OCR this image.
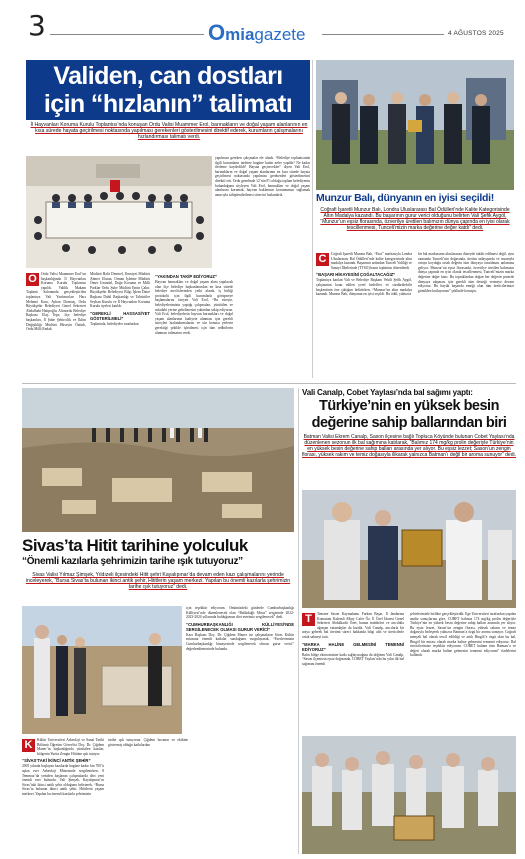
3	Omiagazete	4 AĞUSTOS 2025
Validen, can dostları
için “hızlanın” talimatı
İl Hayvanları Koruma Kurulu Toplantısı’nda konuşan Ordu Valisi Muammer Erol, barınakların ve doğal yaşam alanlarının en kısa sürede hayata geçirilmesi noktasında yapılması gerekenleri gösterilmesini direktif ederek, kurumların çalışmalarını hızlandırması talimatı verdi.
O	Ordu Valisi Muammer Erol’un başkanlığında İl Hayvanları Koruma Kurulu Toplantısı yapıldı. Valilik Makam Toplantı Salonunda gerçekleştirilen toplantıya Vali Yardımcıları Hacı Mehmet Kara, Ayhan Durmuş, Ordu Büyükşehir Belediyesi Genel Sekreteri Abdulbaki Hatipoğlu, Altınordu Belediye Başkanı Ulaş Tepe, ilçe belediye başkanları, İl Şube Şehircilik ve İklim Değişikliği Müdürü Hüseyin Öztürk, Ordu Milli Emlak

Müdürü Halit Demirel, Emniyet Müdürü Ahmet Ulutan, Orman İşletme Müdürü Ömer Uzundal, Doğa Koruma ve Milli Parklar Ordu Şube Müdürü Emin Çakır, Büyükşehir Belediyesi Bilgi İşlem Daire Başkanı Dahil Başkanlığı ve Tahrirtiler Seyhan Kurulu ve İl Hayvanları Koruma Kurulu üyeleri katıldı.

“GEREKLİ HASSASİYET GÖSTERİLMELİ”

Toplantıda, belediyeler tarafından

yapılması gereken çalışmalar ele alındı. “Belediye toplantısında ilgili kurumların tarihine bugüne kadar neler yapıldı? Ne kadar ilerleme kaydedildi? Hayata geçirecekler” diyen Vali Erol, barınakların ve doğal yaşam alanlarının en kısa sürede hayata geçirilmesi noktasında yapılması gerekenleri gösterilmesini direktif etti. Ordu genelinde 12’nin 8’i olduğu toplam belediyenin bulunduğunu söyleyen Vali Erol, barınakları ve doğal yaşam alanlarını korumak, hayvan haklarının korunmasını sağlamak amacıyla sahiplendirilmesi sürecini hızlandırdı.

“YAKINDAN TAKİP EDİYORUZ”

Hayvan barınakları ve doğal yaşam alanı yapılacak olan ilçe belediye başkanlarından en kısa sürede belediye meclislerinden yetki alarak, iş birliği protokolü için ilgili kurumlarla görüşmeye başlamalarını isteyen Vali Erol, “Bu süreçte, belediyelerimizin yaptığı çalışmaları, yürütülen ve askıdaki yerine getirilmesini yakından takip ediyoruz. Vali Erol, belediyelerin hayvan barınakları ve doğal yaşam alanlarının faaliyete alınması için gerekli süreçleri hızlandırmalarını ve söz konusu yerlerin gerektiği şekilde işletilmesi için tüm tedbirlerin alınması talimatını verdi.

Munzur Balı, dünyanın en iyisi seçildi!
Coğrafi İşaretli Munzur Balı, Londra Uluslararası Bal Ödülleri’nde Kalite Kategorisinde Altın Madalya kazandı. Bu başarının gurur verici olduğunu belirten Vali Şefik Aygöl, “Munzur’un eşsiz florasında, özverilye üretilen balımızın dünya çapında en iyisi olarak tescillenmesi, Tunceli’mizin marka değerine değer katdı” dedi.
C	Coğrafi İşaretli Munzur Balı, “Esor” markasıyla Londra Uluslararası Bal Ödülleri’nde kalite kategorisinde altın madalya kazandı. Başarının ardından Tunceli Valiliği ve Sanayi İlkelerinde (TTSO) basın toplantısı düzenlendi.

“BAŞARI HİKAYESİNİ ÇOĞALTACAĞIZ”

Toplantıya katılan Vali ve Belediye Başkanı Vekili Şefik Aygöl, çalışmanın konu edilen yerel hedefleri ve sürdürülebilir başkentinin öne çıktığını belirtirken, “Munzur’un altın madalya kazandı. Munzur Balı, dünyanın en iyisi seçildi. Bu ödül, yalnızca

bir bal markasının uluslararası düzeyde takdir edilmesi değil, aynı zamanda Tunceli’nin doğasında, üretim anlayışında ve insanıyla ortaya koyduğu ortak değerin tüm dünyaya tanıtılması anlamına geliyor. Munzur’un eşsiz florasında, özverilye üretilen balımızın dünya çapında en iyisi olarak tescillenmesi, Tunceli’mizin marka değerine değer kattı. Bu topraklardan doğan her değerin şenerde dünyaya ulaşması için gerekli tüm desteği vermeye devam ediyoruz. Bu büyük başarıda emeği olan tüm üreticilerimizi gönülden kutluyorum” şeklinde konuştu.

Sivas’ta Hitit tarihine yolculuk
“Önemli kazılarla şehrimizin tarihe ışık tutuyoruz”
Sivas Valisi Yılmaz Şimşek, Yıldızeli ilçesindeki Hitit şehri Kayalıpınar’da devam eden kazı çalışmalarını yerinde inceleyerek, “Bursa Sivas’ta bulunan ikinci antik şehir, Hititlerin yaşam merkezi. Yapılan bu önemli kazılarla şehrimizin tarihe ışık tutuyoruz” dedi.
K	Kültür Üniversitesi Arkeoloji ve Sanat Tarihi Bölümü Öğretim Görevlisi Doç. Dr. Çiğdem Maner’in başkanlığında yürütülen kazılar, bölgenin Yurtta Zengin Hititine ışık tutuyor.

“SİVAS’TAKİ İKİNCİ ANTİK ŞEHİR”

2005 yılında başlayan kazılarda bugüne kadar bin 700’ü aşkın eser Arkeoloji Müzesinde sergilenirken, 8 Temmuz’da yeniden başlanan çalışmalarda dört yeni önemli eser bulundu. Vali Şimşek, Kayalıpınar’ın Sivas’taki ikinci antik şehir olduğunu belirterek, “Bursa Sivas’ta bulunan ikinci antik şehir. Hititlerin yaşam merkezi. Yapılan bu önemli kazılarla şehrimizin

tarihe ışık tutuyoruz. Çiğdem hocanın ve ekibine göstermiş olduğu katkılardan

için teşekkür ediyorum. Önümüzdeki günlerde Cumhurbaşkanlığı Külliyesi’nde düzenlenecek olan “Balıkdağlı Miras” sergisinde 2022-2023-2024 yıllarında bulduğumuz dört eserimiz sergilenecek” dedi.

“CUMHURBAŞKANLIĞI KÜLLİYESİ’NDE SERGİLENECEK OLMASI GURUR VERİCİ”

Kazı Başkanı Doç. Dr. Çiğdem Maner ise çalışmaların Sivas Kültür mirasına önemli katkılar sunduğunu vurgulayarak, “Eserlerimizin Cumhurbaşkanlığı himayesinde sergilenecek olması gurur verici” değerlendirmesinde bulundu.

Vali Canalp, Cobet Yaylası’nda bal sağımı yaptı:
Türkiye’nin en yüksek besin
değerine sahip ballarından biri
Batman Valisi Ekrem Canalp, Sason ilçesine bağlı Topluca Köyünde bulunan Cobet Yaylası’nda düzenlenen sezonun ilk bal sağımına katılarak, “Balımız 174 mg/kg prolin değeriyle Türkiye’nin en yüksek besin değerine sahip balları arasında yer alıyor. Bu eşsiz lezzet; Sason’un zengin florası, yüksek rakım ve temiz doğasıyla ilikarak yalnızca Batman’ı değil bir aroma sunuyor” dedi.
T	Temane Sason Kaymakamı Furkan Başar, İl Jandarma Komutanı Kıdemli Albay Cafer Öz, İl Özel İdaresi Genel Sekreteri Abdulkadir Özer, bunun müdürleri ve arıcılıkla uğraşan vatandaşlar da katıldı. Vali Canalp, arıcılarla bir araya gelerek bal üretimi süreci hakkında bilgi aldı ve üreticilerle ortak sahneyi tattı.

“MARKA HALİNE GELMESİNİ TEMENNİ EDİYORUZ”

Balın bölge ekonomisine katkı sağlayacağına da değinen Vali Canalp, “Sason ilçemizin eşsiz doğasında, COBET Yaylası’nda bu yılın ilk bal sağımını önemli

şehirlerimizle birlikte gerçekleştirdik. Ege Üniversitesi tarafından yapılan analiz sonuçlarına göre, COBET balımız 174 mg/kg prolin değeriyle Türkiye’nin en yüksek besin değerine sahip balları arasında yer alıyor. Bu eşsiz lezzet, Sason’un zengin florası, yüksek rakımı ve temiz doğasıyla birleşerek yalnızca Batman’a özgü bir aroma sunuyor. Coğrafi menşeli bal olarak tescil edildiği ve artık Bingöl’e özgü olan bu bal, Bingöl bir mirası olarak marka haline gelmesini temenni ediyoruz. Bal üreticilerimize teşekkür ediyorum. COBET balının tüm Batman’a ve değeri olarak marka haline gelmesini temenni ediyorum” ifadelerini kullandı.
